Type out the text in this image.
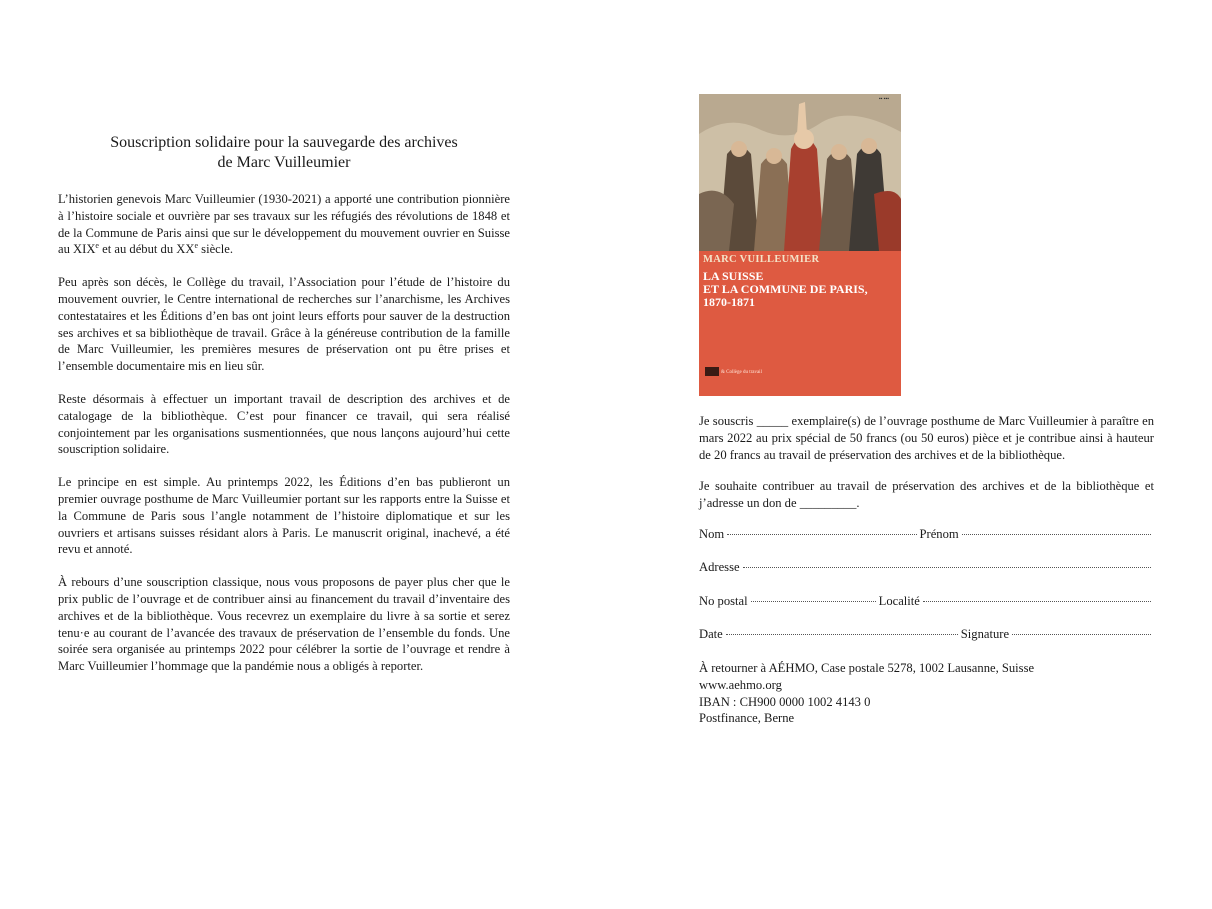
Souscription solidaire pour la sauvegarde des archives
de Marc Vuilleumier

L’historien genevois Marc Vuilleumier (1930-2021) a apporté une contribution pionnière à l’histoire sociale et ouvrière par ses travaux sur les réfugiés des révolutions de 1848 et de la Commune de Paris ainsi que sur le développement du mouvement ouvrier en Suisse au XIXe et au début du XXe siècle.

Peu après son décès, le Collège du travail, l’Association pour l’étude de l’histoire du mouvement ouvrier, le Centre international de recherches sur l’anarchisme, les Archives contestataires et les Éditions d’en bas ont joint leurs efforts pour sauver de la destruction ses archives et sa bibliothèque de travail. Grâce à la généreuse contribution de la famille de Marc Vuilleumier, les premières mesures de préservation ont pu être prises et l’ensemble documentaire mis en lieu sûr.

Reste désormais à effectuer un important travail de description des archives et de catalogage de la bibliothèque. C’est pour financer ce travail, qui sera réalisé conjointement par les organisations susmentionnées, que nous lançons aujourd’hui cette souscription solidaire.

Le principe en est simple. Au printemps 2022, les Éditions d’en bas publieront un premier ouvrage posthume de Marc Vuilleumier portant sur les rapports entre la Suisse et la Commune de Paris sous l’angle notamment de l’histoire diplomatique et sur les ouvriers et artisans suisses résidant alors à Paris. Le manuscrit original, inachevé, a été revu et annoté.

À rebours d’une souscription classique, nous vous proposons de payer plus cher que le prix public de l’ouvrage et de contribuer ainsi au financement du travail d’inventaire des archives et de la bibliothèque. Vous recevrez un exemplaire du livre à sa sortie et serez tenu·e au courant de l’avancée des travaux de préservation de l’ensemble du fonds. Une soirée sera organisée au printemps 2022 pour célébrer la sortie de l’ouvrage et rendre à Marc Vuilleumier l’hommage que la pandémie nous a obligés à reporter.

▪▪ ▪▪▪
MARC VUILLEUMIER
LA SUISSE
ET LA COMMUNE DE PARIS,
1870-1871
& Collège du travail

Je souscris _____ exemplaire(s) de l’ouvrage posthume de Marc Vuilleumier à paraître en mars 2022 au prix spécial de 50 francs (ou 50 euros) pièce et je contribue ainsi à hauteur de 20 francs au travail de préservation des archives et de la bibliothèque.

Je souhaite contribuer au travail de préservation des archives et de la bibliothèque et j’adresse un don de _________.

Nom	Prénom
Adresse
No postal	Localité
Date	Signature
À retourner à AÉHMO, Case postale 5278, 1002 Lausanne, Suisse
www.aehmo.org
IBAN : CH900 0000 1002 4143 0
Postfinance, Berne
